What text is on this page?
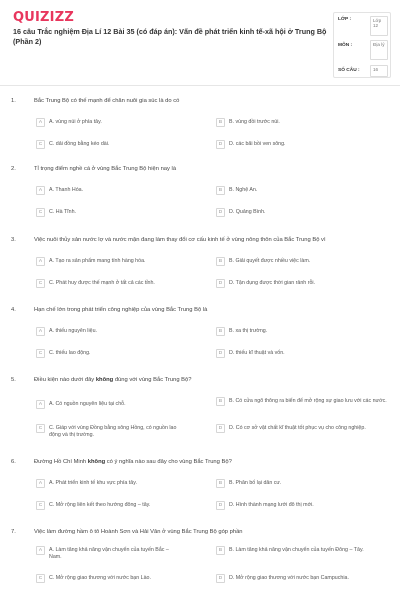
QUIZIZZ
16 câu Trắc nghiệm Địa Lí 12 Bài 35 (có đáp án): Vấn đề phát triển kinh tế-xã hội ở Trung Bộ (Phần 2)
LỚP :	Lớp 12
MÔN :	Địa lý
SỐ CÂU :	16
1.	Bắc Trung Bộ có thế mạnh để chăn nuôi gia súc là do có
A	A. vùng núi ở phía tây.	B	B. vùng đồi trước núi.
C	C. dải đồng bằng kéo dài.	D	D. các bãi bồi ven sông.
2.	Tỉ trọng điểm nghề cá ở vùng Bắc Trung Bộ hiện nay là
A	A. Thanh Hóa.	B	B. Nghệ An.
C	C. Hà Tĩnh.	D	D. Quảng Bình.
3.	Việc nuôi thủy sản nước lợ và nước mặn đang làm thay đổi cơ cấu kinh tế ở vùng nông thôn của Bắc Trung Bộ vì
A	A. Tạo ra sản phẩm mang tính hàng hóa.	B	B. Giải quyết được nhiều việc làm.
C	C. Phát huy được thế mạnh ở tất cả các tỉnh.	D	D. Tận dụng được thời gian rảnh rỗi.
4.	Hạn chế lớn trong phát triển công nghiệp của vùng Bắc Trung Bộ là
A	A. thiếu nguyên liệu.	B	B. xa thị trường.
C	C. thiếu lao động.	D	D. thiếu kĩ thuật và vốn.
5.	Điều kiện nào dưới đây không đúng với vùng Bắc Trung Bộ?
A	A. Có nguồn nguyên liệu tại chỗ.	B	B. Có cửa ngõ thông ra biển để mở rộng sự giao lưu với các nước.
C	C. Giáp với vùng Đồng bằng sông Hồng, có nguồn lao động và thị trường.
D	D. Có cơ sở vật chất kĩ thuật tốt phục vụ cho công nghiệp.
6.	Đường Hồ Chí Minh không có ý nghĩa nào sau đây cho vùng Bắc Trung Bộ?
A	A. Phát triển kinh tế khu vực phía tây.	B	B. Phân bố lại dân cư.
C	C. Mở rộng liên kết theo hướng đông – tây.	D	D. Hình thành mạng lưới đô thị mới.
7.	Việc làm đường hầm ô tô Hoành Sơn và Hải Vân ở vùng Bắc Trung Bộ góp phần
A	A. Làm tăng khả năng vận chuyển của tuyến Bắc – Nam.
B	B. Làm tăng khả năng vận chuyển của tuyến Đông – Tây.
C	C. Mở rộng giao thương với nước bạn Lào.	D	D. Mở rộng giao thương với nước bạn Campuchia.
